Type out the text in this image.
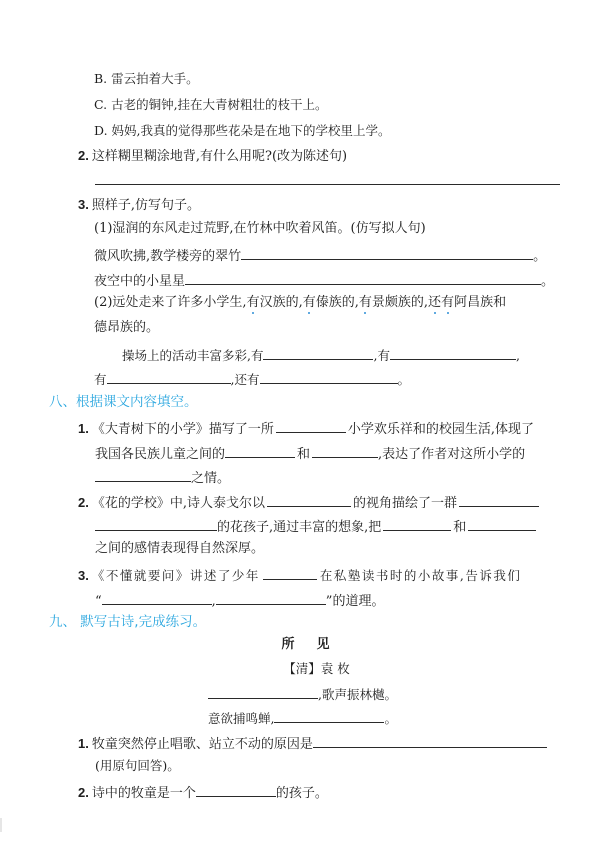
B. 雷云拍着大手。
C. 古老的铜钟,挂在大青树粗壮的枝干上。
D. 妈妈,我真的觉得那些花朵是在地下的学校里上学。
2. 这样糊里糊涂地背,有什么用呢?(改为陈述句)
3. 照样子,仿写句子。
(1)湿润的东风走过荒野,在竹林中吹着风笛。(仿写拟人句)
微风吹拂,教学楼旁的翠竹	。
夜空中的小星星	。
(2)远处走来了许多小学生,有汉族的,有傣族的,有景颇族的,还有阿昌族和
德昂族的。
操场上的活动丰富多彩,有	,有	,
有	,还有	。
八、根据课文内容填空。
1. 《大青树下的小学》描写了一所	小学欢乐祥和的校园生活,体现了
我国各民族儿童之间的	和	,表达了作者对这所小学的
之情。
2. 《花的学校》中,诗人泰戈尔以	的视角描绘了一群
的花孩子,通过丰富的想象,把	和
之间的感情表现得自然深厚。
3. 《不懂就要问》讲述了少年	在私塾读书时的小故事,告诉我们
“	,	”的道理。
九、 默写古诗,完成练习。
所见
【清】袁 枚
,歌声振林樾。
意欲捕鸣蝉,	。
1. 牧童突然停止唱歌、站立不动的原因是
(用原句回答)。
2. 诗中的牧童是一个	的孩子。
